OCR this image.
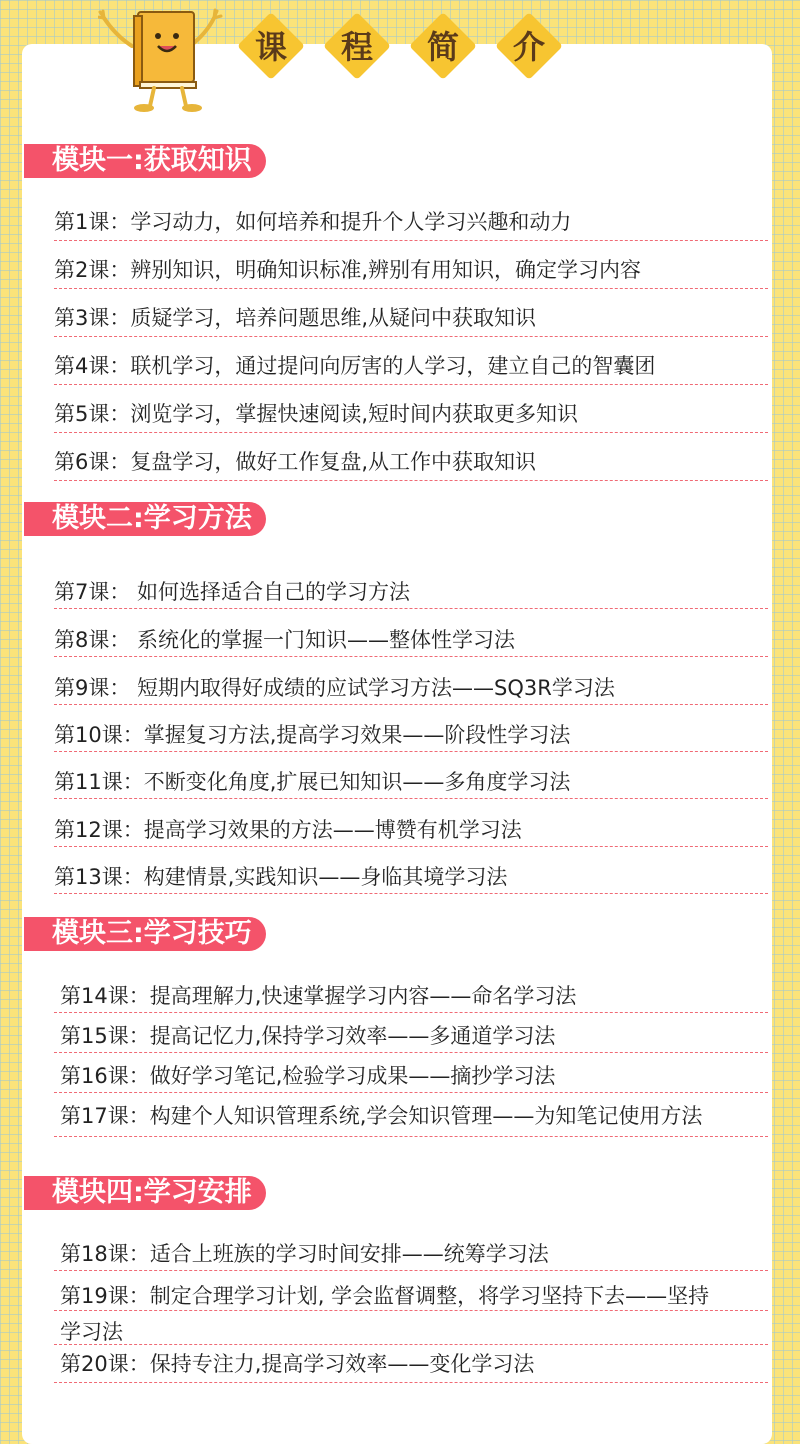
课	程	简	介
模块一:获取知识
第1课：学习动力，如何培养和提升个人学习兴趣和动力
第2课：辨别知识，明确知识标准,辨别有用知识，确定学习内容
第3课：质疑学习，培养问题思维,从疑问中获取知识
第4课：联机学习，通过提问向厉害的人学习，建立自己的智囊团
第5课：浏览学习，掌握快速阅读,短时间内获取更多知识
第6课：复盘学习，做好工作复盘,从工作中获取知识
模块二:学习方法
第7课： 如何选择适合自己的学习方法
第8课： 系统化的掌握一门知识——整体性学习法
第9课： 短期内取得好成绩的应试学习方法——SQ3R学习法
第10课：掌握复习方法,提高学习效果——阶段性学习法
第11课：不断变化角度,扩展已知知识——多角度学习法
第12课：提高学习效果的方法——博赞有机学习法
第13课：构建情景,实践知识——身临其境学习法
模块三:学习技巧
第14课：提高理解力,快速掌握学习内容——命名学习法
第15课：提高记忆力,保持学习效率——多通道学习法
第16课：做好学习笔记,检验学习成果——摘抄学习法
第17课：构建个人知识管理系统,学会知识管理——为知笔记使用方法
模块四:学习安排
第18课：适合上班族的学习时间安排——统筹学习法
第19课：制定合理学习计划, 学会监督调整，将学习坚持下去——坚持学习法
第20课：保持专注力,提高学习效率——变化学习法
